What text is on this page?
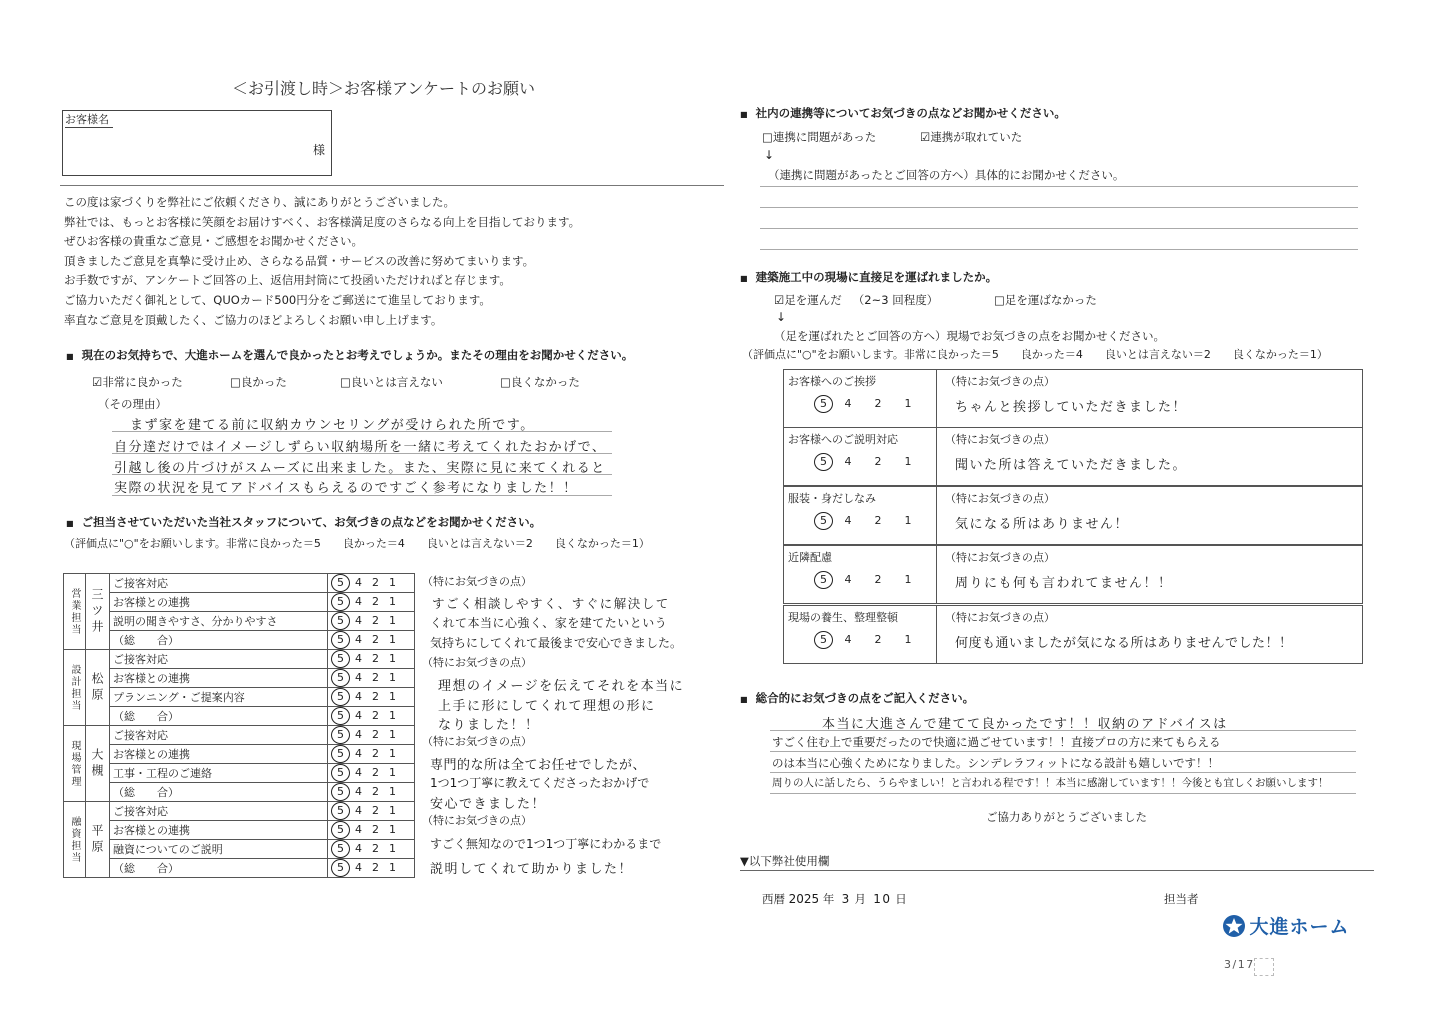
＜お引渡し時＞お客様アンケートのお願い
お客様名
様
この度は家づくりを弊社にご依頼くださり、誠にありがとうございました。
弊社では、もっとお客様に笑顔をお届けすべく、お客様満足度のさらなる向上を目指しております。
ぜひお客様の貴重なご意見・ご感想をお聞かせください。
頂きましたご意見を真摯に受け止め、さらなる品質・サービスの改善に努めてまいります。
お手数ですが、アンケートご回答の上、返信用封筒にて投函いただければと存じます。
ご協力いただく御礼として、QUOカード500円分をご郵送にて進呈しております。
率直なご意見を頂戴したく、ご協力のほどよろしくお願い申し上げます。
■ 現在のお気持ちで、大進ホームを選んで良かったとお考えでしょうか。またその理由をお聞かせください。
☑非常に良かった	□良かった	□良いとは言えない	□良くなかった
（その理由）
まず家を建てる前に収納カウンセリングが受けられた所です。
自分達だけではイメージしずらい収納場所を一緒に考えてくれたおかげで、
引越し後の片づけがスムーズに出来ました。また、実際に見に来てくれると
実際の状況を見てアドバイスもらえるのですごく参考になりました！！
■ ご担当させていただいた当社スタッフについて、お気づきの点などをお聞かせください。
（評価点に"○"をお願いします。非常に良かった＝5　　良かった＝4　　良いとは言えない＝2　　良くなかった＝1）
営業担当	三ツ井	ご接客対応	5 4 2 1
		お客様との連携	5 4 2 1
		説明の聞きやすさ、分かりやすさ	5 4 2 1
		（総　　合）	5 4 2 1
設計担当	松原	ご接客対応	5 4 2 1
		お客様との連携	5 4 2 1
		プランニング・ご提案内容	5 4 2 1
		（総　　合）	5 4 2 1
現場管理	大槻	ご接客対応	5 4 2 1
		お客様との連携	5 4 2 1
		工事・工程のご連絡	5 4 2 1
		（総　　合）	5 4 2 1
融資担当	平原	ご接客対応	5 4 2 1
		お客様との連携	5 4 2 1
		融資についてのご説明	5 4 2 1
		（総　　合）	5 4 2 1
（特にお気づきの点）
すごく相談しやすく、すぐに解決して
くれて本当に心強く、家を建てたいという
気持ちにしてくれて最後まで安心できました。
（特にお気づきの点）
理想のイメージを伝えてそれを本当に
上手に形にしてくれて理想の形に
なりました！！
（特にお気づきの点）
専門的な所は全てお任せでしたが、
1つ1つ丁寧に教えてくださったおかげで
安心できました！
（特にお気づきの点）
すごく無知なので1つ1つ丁寧にわかるまで
説明してくれて助かりました！
■ 社内の連携等についてお気づきの点などお聞かせください。
□連携に問題があった	☑連携が取れていた
↓
（連携に問題があったとご回答の方へ）具体的にお聞かせください。
■ 建築施工中の現場に直接足を運ばれましたか。
☑足を運んだ （2~3 回程度）	□足を運ばなかった
↓
（足を運ばれたとご回答の方へ）現場でお気づきの点をお聞かせください。
（評価点に"○"をお願いします。非常に良かった＝5　　良かった＝4　　良いとは言えない＝2　　良くなかった＝1）
お客様へのご挨拶
5 4 2 1
（特にお気づきの点）
ちゃんと挨拶していただきました！
お客様へのご説明対応
5 4 2 1
（特にお気づきの点）
聞いた所は答えていただきました。
服装・身だしなみ
5 4 2 1
（特にお気づきの点）
気になる所はありません！
近隣配慮
5 4 2 1
（特にお気づきの点）
周りにも何も言われてません！！
現場の養生、整理整頓
5 4 2 1
（特にお気づきの点）
何度も通いましたが気になる所はありませんでした！！
■ 総合的にお気づきの点をご記入ください。
本当に大進さんで建てて良かったです！！収納のアドバイスは
すごく住む上で重要だったので快適に過ごせています！！直接プロの方に来てもらえる
のは本当に心強くためになりました。シンデレラフィットになる設計も嬉しいです！！
周りの人に話したら、うらやましい！と言われる程です！！本当に感謝しています！！今後とも宜しくお願いします！
ご協力ありがとうございました
▼以下弊社使用欄
西暦 2025 年 3 月 10 日	担当者
大進ホーム
3/17
